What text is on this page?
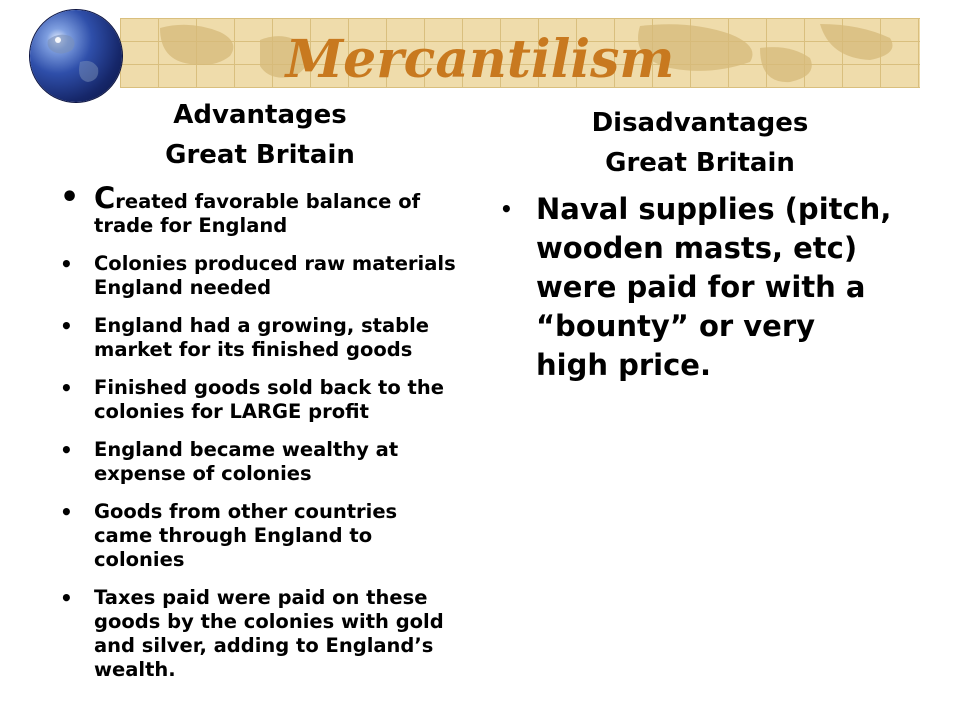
Mercantilism
Advantages
Great Britain
Disadvantages
Great Britain
• Created favorable balance of trade for England
• Colonies produced raw materials England needed
• England had a growing, stable market for its finished goods
• Finished goods sold back to the colonies for LARGE profit
• England became wealthy at expense of colonies
• Goods from other countries came through England to colonies
• Taxes paid were paid on these goods by the colonies with gold and silver, adding to England’s wealth.
• Naval supplies (pitch, wooden masts, etc) were paid for with a “bounty” or very high price.
